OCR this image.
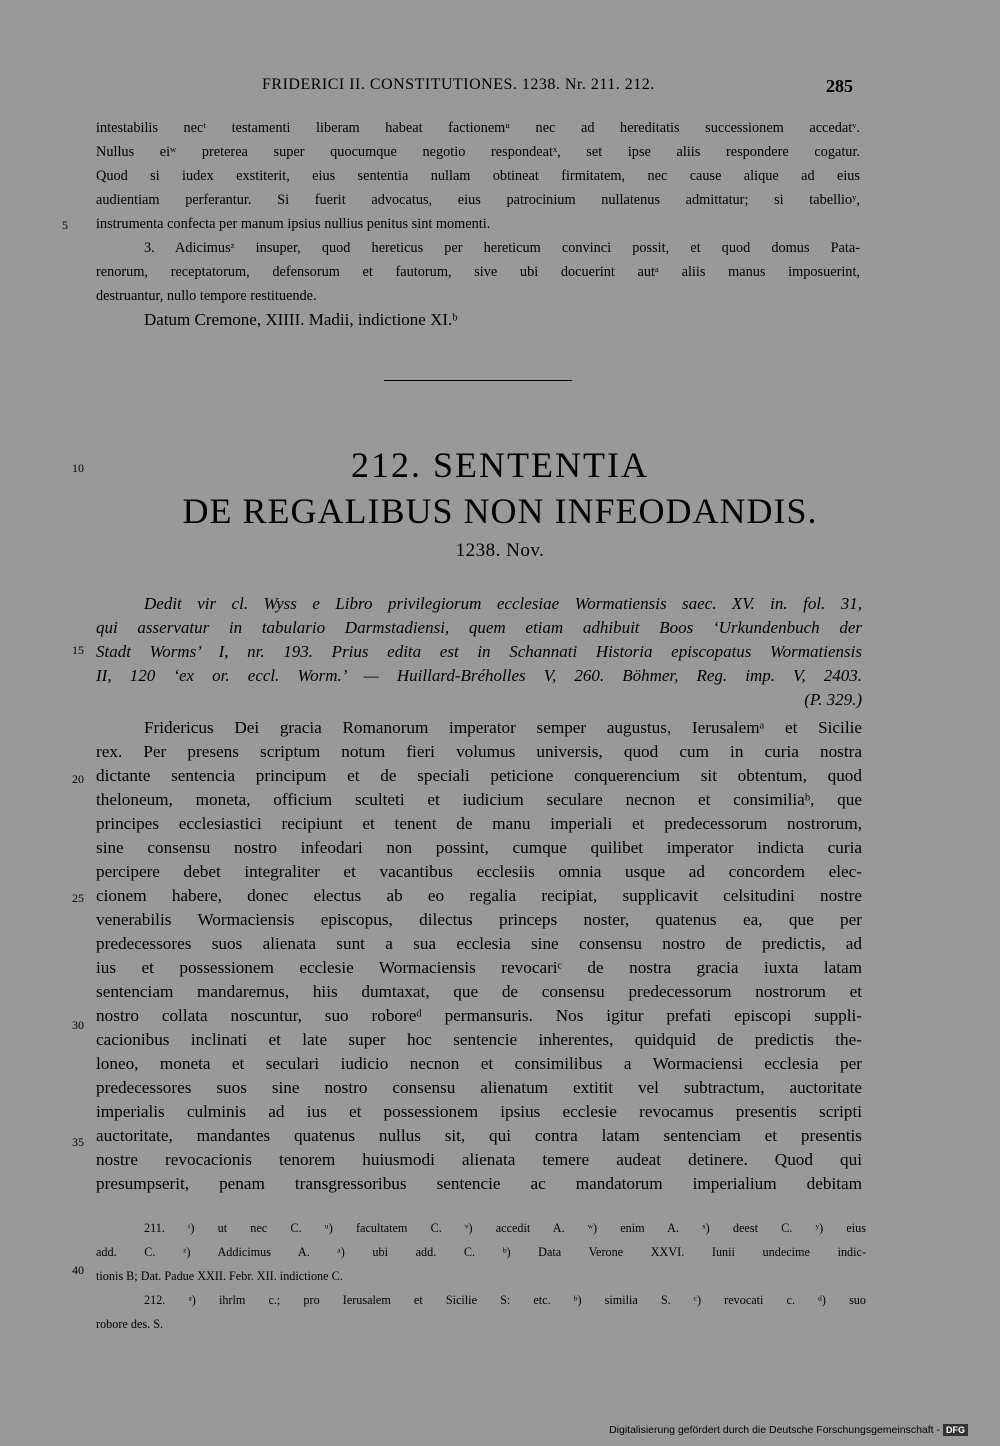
FRIDERICI II. CONSTITUTIONES. 1238. Nr. 211. 212.	285
intestabilis necᵗ testamenti liberam habeat factionemᵘ nec ad hereditatis successionem accedatᵛ.
Nullus eiʷ preterea super quocumque negotio respondeatˣ, set ipse aliis respondere cogatur.
Quod si iudex exstiterit, eius sententia nullam obtineat firmitatem, nec cause alique ad eius
audientiam perferantur. Si fuerit advocatus, eius patrocinium nullatenus admittatur; si tabellioʸ,
instrumenta confecta per manum ipsius nullius penitus sint momenti.
3. Adicimusᶻ insuper, quod hereticus per hereticum convinci possit, et quod domus Pata-
renorum, receptatorum, defensorum et fautorum, sive ubi docuerint autᵃ aliis manus imposuerint,
destruantur, nullo tempore restituende.
Datum Cremone, XIIII. Madii, indictione XI.ᵇ
212. SENTENTIA
DE REGALIBUS NON INFEODANDIS.
1238. Nov.
Dedit vir cl. Wyss e Libro privilegiorum ecclesiae Wormatiensis saec. XV. in. fol. 31,
qui asservatur in tabulario Darmstadiensi, quem etiam adhibuit Boos ‘Urkundenbuch der
Stadt Worms’ I, nr. 193. Prius edita est in Schannati Historia episcopatus Wormatiensis
II, 120 ‘ex or. eccl. Worm.’ — Huillard-Bréholles V, 260. Böhmer, Reg. imp. V, 2403.
(P. 329.)
Fridericus Dei gracia Romanorum imperator semper augustus, Ierusalemᵃ et Sicilie
rex. Per presens scriptum notum fieri volumus universis, quod cum in curia nostra
dictante sentencia principum et de speciali peticione conquerencium sit obtentum, quod
theloneum, moneta, officium sculteti et iudicium seculare necnon et consimiliaᵇ, que
principes ecclesiastici recipiunt et tenent de manu imperiali et predecessorum nostrorum,
sine consensu nostro infeodari non possint, cumque quilibet imperator indicta curia
percipere debet integraliter et vacantibus ecclesiis omnia usque ad concordem elec-
cionem habere, donec electus ab eo regalia recipiat, supplicavit celsitudini nostre
venerabilis Wormaciensis episcopus, dilectus princeps noster, quatenus ea, que per
predecessores suos alienata sunt a sua ecclesia sine consensu nostro de predictis, ad
ius et possessionem ecclesie Wormaciensis revocariᶜ de nostra gracia iuxta latam
sentenciam mandaremus, hiis dumtaxat, que de consensu predecessorum nostrorum et
nostro collata noscuntur, suo roboreᵈ permansuris. Nos igitur prefati episcopi suppli-
cacionibus inclinati et late super hoc sentencie inherentes, quidquid de predictis the-
loneo, moneta et seculari iudicio necnon et consimilibus a Wormaciensi ecclesia per
predecessores suos sine nostro consensu alienatum extitit vel subtractum, auctoritate
imperialis culminis ad ius et possessionem ipsius ecclesie revocamus presentis scripti
auctoritate, mandantes quatenus nullus sit, qui contra latam sentenciam et presentis
nostre revocacionis tenorem huiusmodi alienata temere audeat detinere. Quod qui
presumpserit, penam transgressoribus sentencie ac mandatorum imperialium debitam
211. ᵗ) ut nec C. ᵘ) facultatem C. ᵛ) accedit A. ʷ) enim A. ˣ) deest C. ʸ) eius
add. C. ᶻ) Addicimus A. ᵃ) ubi add. C. ᵇ) Data Verone XXVI. Iunii undecime indic-
tionis B; Dat. Padue XXII. Febr. XII. indictione C.
212. ᵃ) ihrlm c.; pro Ierusalem et Sicilie S: etc. ᵇ) similia S. ᶜ) revocati c. ᵈ) suo
robore des. S.
5
10
15
20
25
30
35
40
Digitalisierung gefördert durch die Deutsche Forschungsgemeinschaft - DFG
